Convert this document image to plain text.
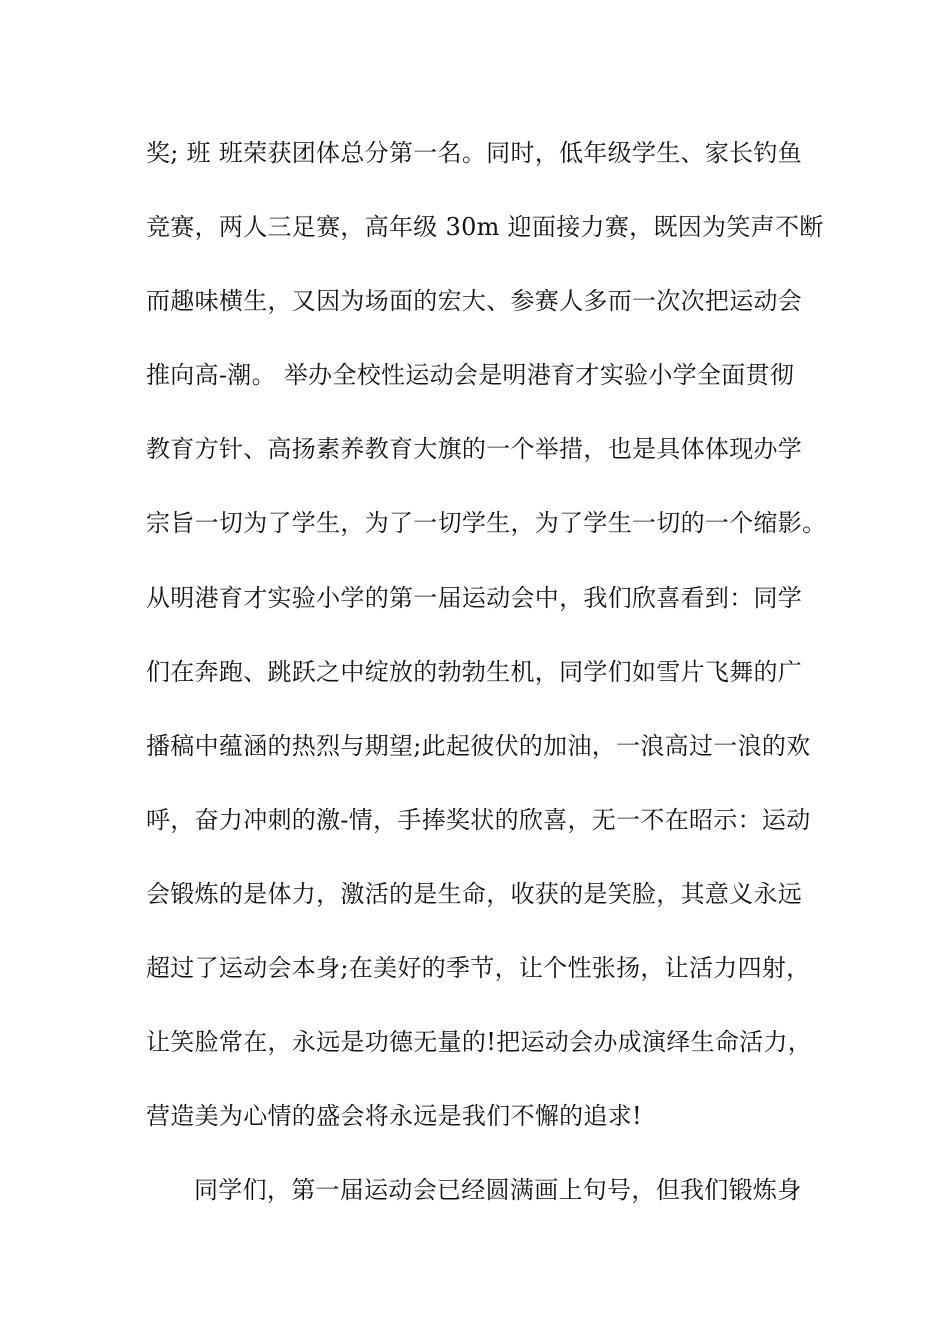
奖; 班 班荣获团体总分第一名。同时，低年级学生、家长钓鱼
竞赛，两人三足赛，高年级 30m 迎面接力赛，既因为笑声不断
而趣味横生，又因为场面的宏大、参赛人多而一次次把运动会
推向高-潮。 举办全校性运动会是明港育才实验小学全面贯彻
教育方针、高扬素养教育大旗的一个举措，也是具体体现办学
宗旨一切为了学生，为了一切学生，为了学生一切的一个缩影。
从明港育才实验小学的第一届运动会中，我们欣喜看到：同学
们在奔跑、跳跃之中绽放的勃勃生机，同学们如雪片飞舞的广
播稿中蕴涵的热烈与期望;此起彼伏的加油，一浪高过一浪的欢
呼，奋力冲刺的激-情，手捧奖状的欣喜，无一不在昭示：运动
会锻炼的是体力，激活的是生命，收获的是笑脸，其意义永远
超过了运动会本身;在美好的季节，让个性张扬，让活力四射，
让笑脸常在，永远是功德无量的!把运动会办成演绎生命活力，
营造美为心情的盛会将永远是我们不懈的追求!
同学们，第一届运动会已经圆满画上句号，但我们锻炼身
